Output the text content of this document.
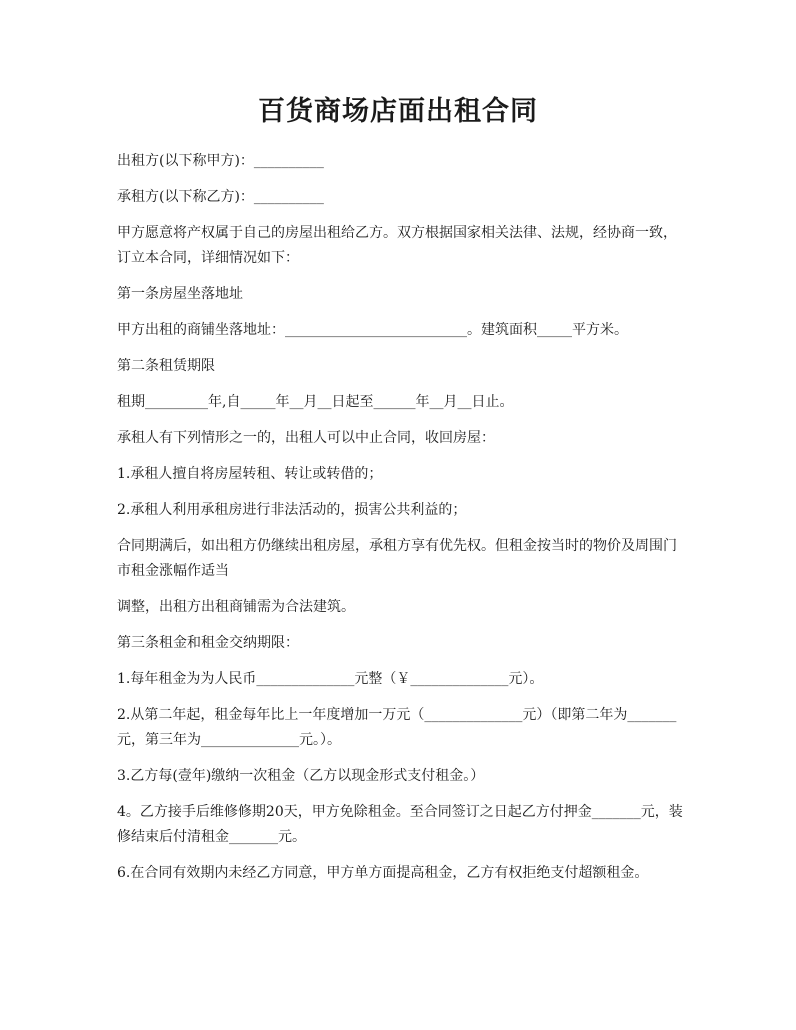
百货商场店面出租合同

出租方(以下称甲方)：__________

承租方(以下称乙方)：__________

甲方愿意将产权属于自己的房屋出租给乙方。双方根据国家相关法律、法规，经协商一致，订立本合同，详细情况如下：

第一条房屋坐落地址

甲方出租的商铺坐落地址：__________________________。建筑面积_____平方米。

第二条租赁期限

租期_________年,自_____年__月__日起至______年__月__日止。

承租人有下列情形之一的，出租人可以中止合同，收回房屋：

1.承租人擅自将房屋转租、转让或转借的；

2.承租人利用承租房进行非法活动的，损害公共利益的；

合同期满后，如出租方仍继续出租房屋，承租方享有优先权。但租金按当时的物价及周围门市租金涨幅作适当

调整，出租方出租商铺需为合法建筑。

第三条租金和租金交纳期限：

1.每年租金为为人民币______________元整（￥______________元）。

2.从第二年起，租金每年比上一年度增加一万元（______________元）（即第二年为_______元，第三年为______________元。）。

3.乙方每(壹年)缴纳一次租金（乙方以现金形式支付租金。）

4。乙方接手后维修修期20天，甲方免除租金。至合同签订之日起乙方付押金_______元，装修结束后付清租金_______元。

6.在合同有效期内未经乙方同意，甲方单方面提高租金，乙方有权拒绝支付超额租金。
